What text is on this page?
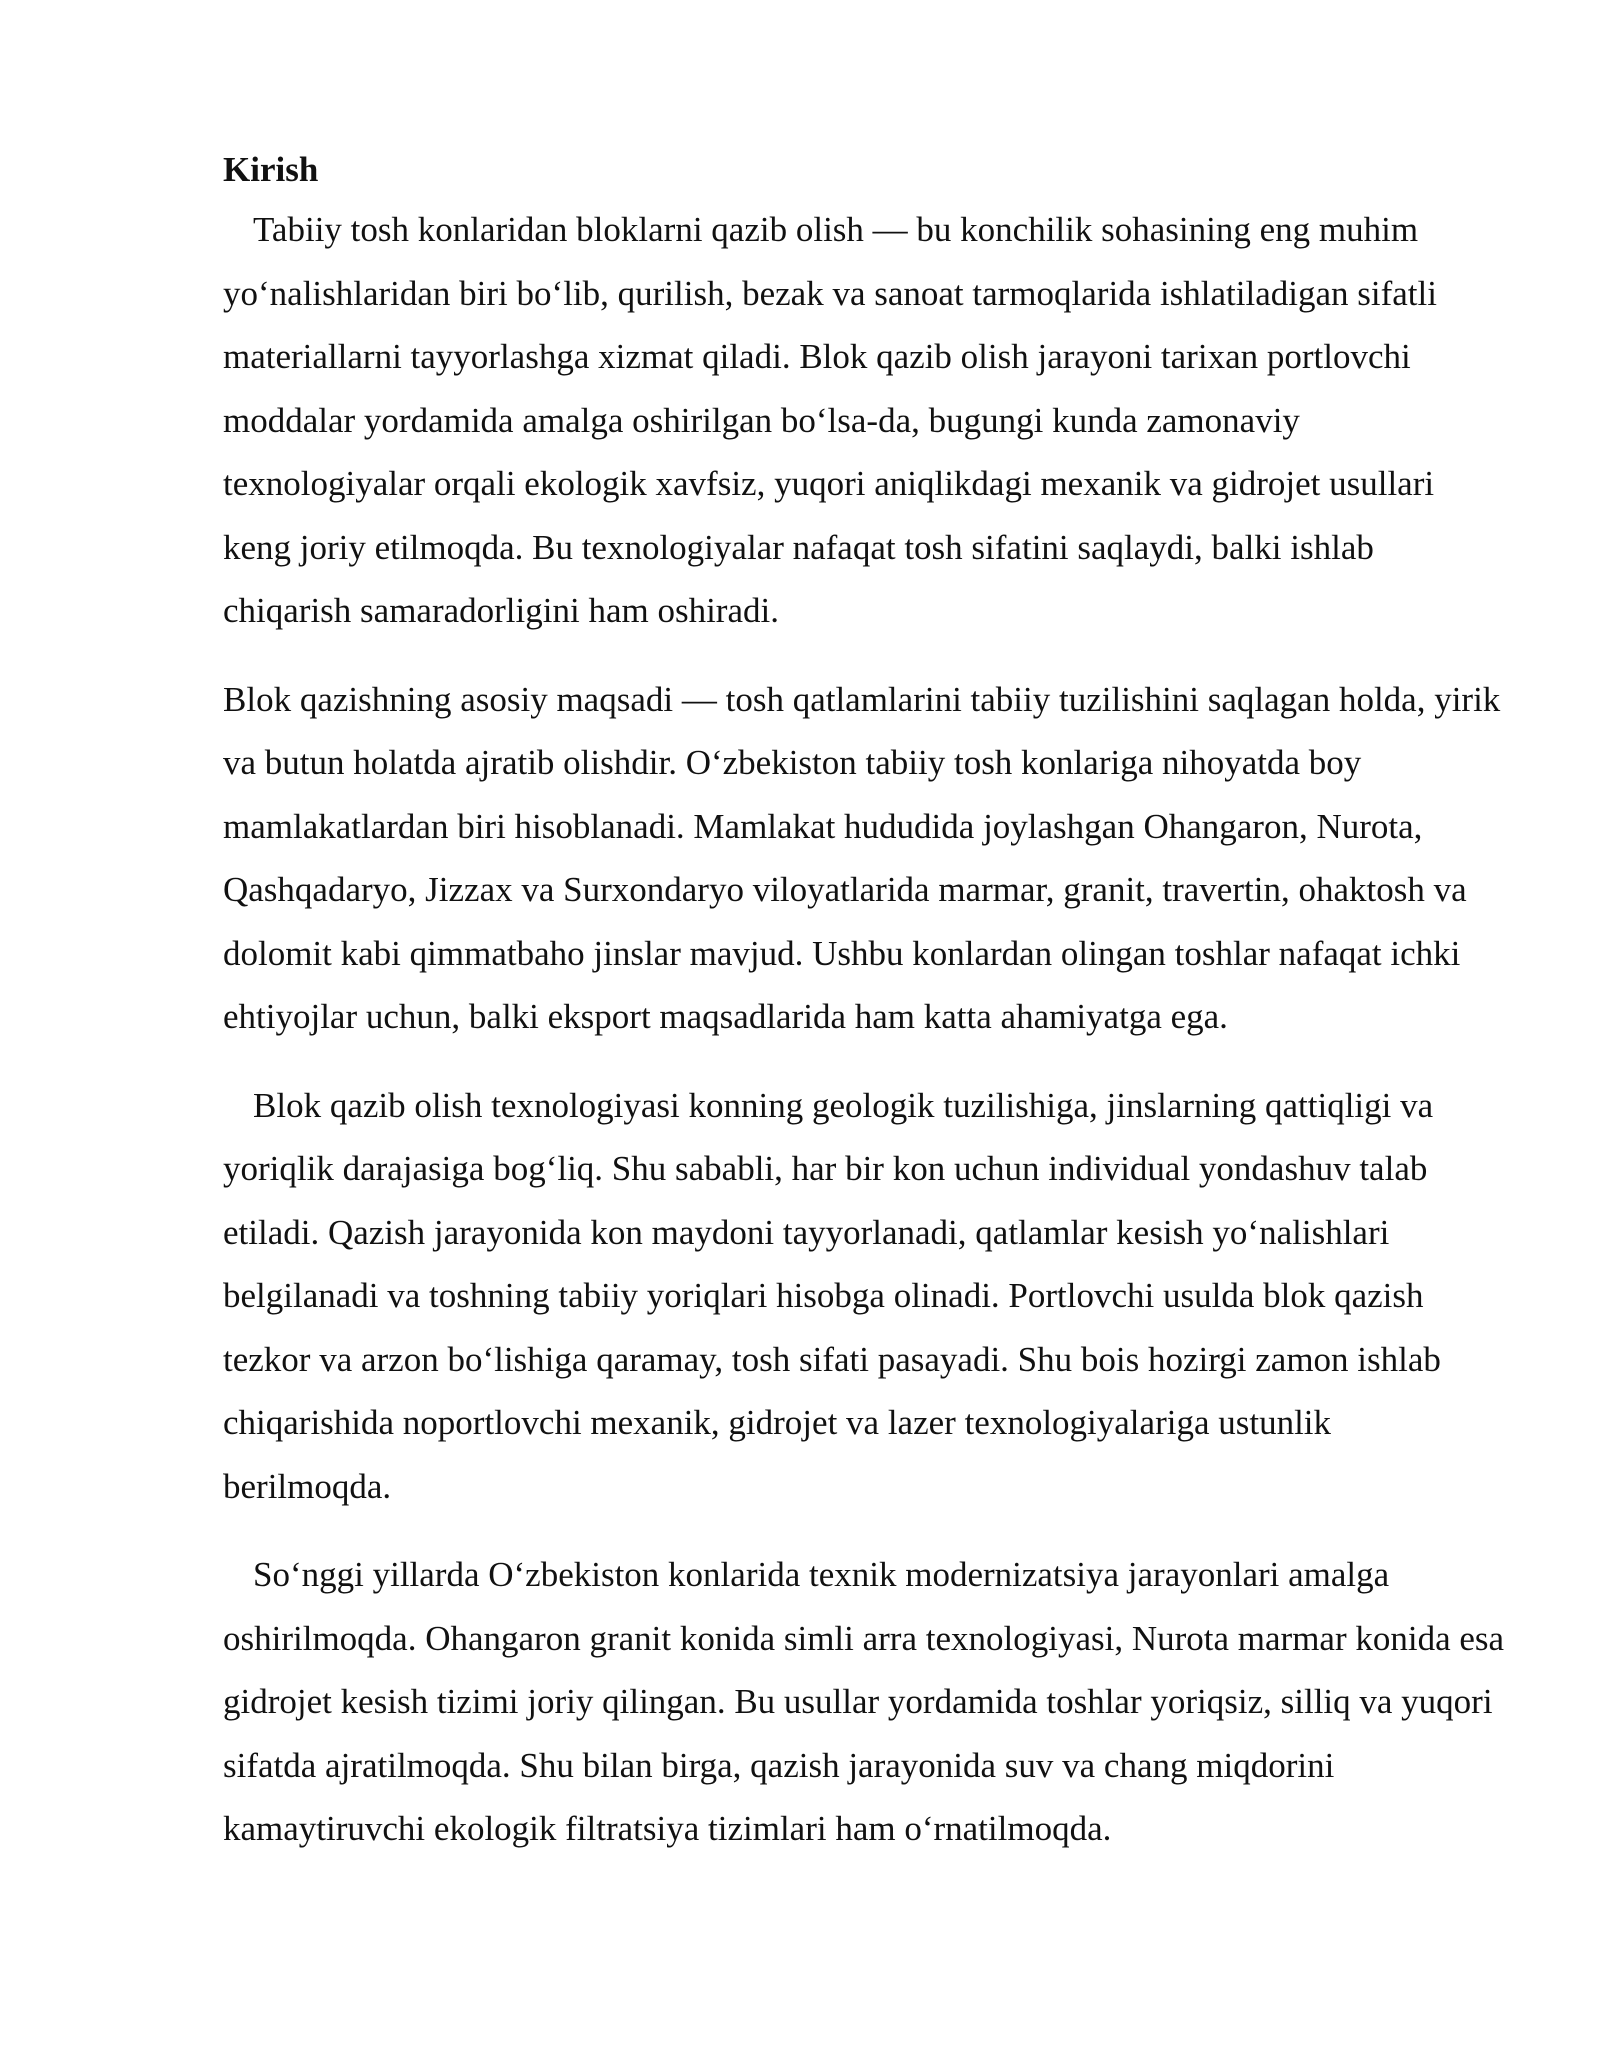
Kirish

Tabiiy tosh konlaridan bloklarni qazib olish — bu konchilik sohasining eng muhim yo‘nalishlaridan biri bo‘lib, qurilish, bezak va sanoat tarmoqlarida ishlatiladigan sifatli materiallarni tayyorlashga xizmat qiladi. Blok qazib olish jarayoni tarixan portlovchi moddalar yordamida amalga oshirilgan bo‘lsa-da, bugungi kunda zamonaviy texnologiyalar orqali ekologik xavfsiz, yuqori aniqlikdagi mexanik va gidrojet usullari keng joriy etilmoqda. Bu texnologiyalar nafaqat tosh sifatini saqlaydi, balki ishlab chiqarish samaradorligini ham oshiradi.

Blok qazishning asosiy maqsadi — tosh qatlamlarini tabiiy tuzilishini saqlagan holda, yirik va butun holatda ajratib olishdir. O‘zbekiston tabiiy tosh konlariga nihoyatda boy mamlakatlardan biri hisoblanadi. Mamlakat hududida joylashgan Ohangaron, Nurota, Qashqadaryo, Jizzax va Surxondaryo viloyatlarida marmar, granit, travertin, ohaktosh va dolomit kabi qimmatbaho jinslar mavjud. Ushbu konlardan olingan toshlar nafaqat ichki ehtiyojlar uchun, balki eksport maqsadlarida ham katta ahamiyatga ega.

Blok qazib olish texnologiyasi konning geologik tuzilishiga, jinslarning qattiqligi va yoriqlik darajasiga bog‘liq. Shu sababli, har bir kon uchun individual yondashuv talab etiladi. Qazish jarayonida kon maydoni tayyorlanadi, qatlamlar kesish yo‘nalishlari belgilanadi va toshning tabiiy yoriqlari hisobga olinadi. Portlovchi usulda blok qazish tezkor va arzon bo‘lishiga qaramay, tosh sifati pasayadi. Shu bois hozirgi zamon ishlab chiqarishida noportlovchi mexanik, gidrojet va lazer texnologiyalariga ustunlik berilmoqda.

So‘nggi yillarda O‘zbekiston konlarida texnik modernizatsiya jarayonlari amalga oshirilmoqda. Ohangaron granit konida simli arra texnologiyasi, Nurota marmar konida esa gidrojet kesish tizimi joriy qilingan. Bu usullar yordamida toshlar yoriqsiz, silliq va yuqori sifatda ajratilmoqda. Shu bilan birga, qazish jarayonida suv va chang miqdorini kamaytiruvchi ekologik filtratsiya tizimlari ham o‘rnatilmoqda.
